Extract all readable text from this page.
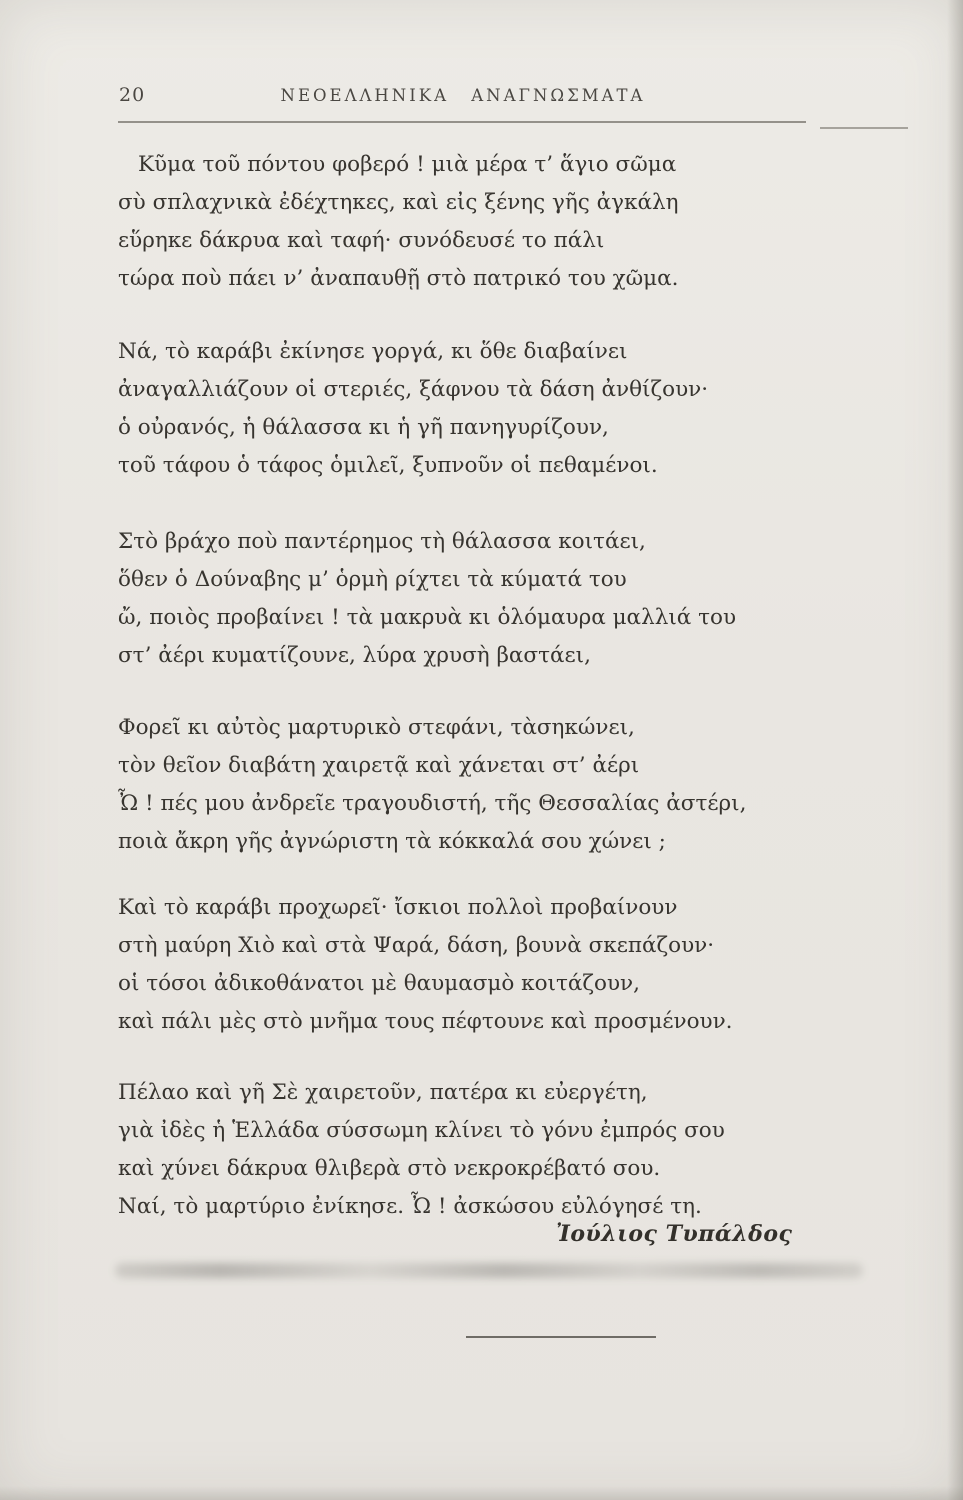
20	ΝΕΟΕΛΛΗΝΙΚΑ ΑΝΑΓΝΩΣΜΑΤΑ

Κῦμα τοῦ πόντου φοβερό ! μιὰ μέρα τ’ ἅγιο σῶμα

σὺ σπλαχνικὰ ἐδέχτηκες, καὶ εἰς ξένης γῆς ἀγκάλη

εὕρηκε δάκρυα καὶ ταφή· συνόδευσέ το πάλι

τώρα ποὺ πάει ν’ ἀναπαυθῇ στὸ πατρικό του χῶμα.

Νά, τὸ καράβι ἐκίνησε γοργά, κι ὅθε διαβαίνει

ἀναγαλλιάζουν οἱ στεριές, ξάφνου τὰ δάση ἀνθίζουν·

ὁ οὐρανός, ἡ θάλασσα κι ἡ γῆ πανηγυρίζουν,

τοῦ τάφου ὁ τάφος ὁμιλεῖ, ξυπνοῦν οἱ πεθαμένοι.

Στὸ βράχο ποὺ παντέρημος τὴ θάλασσα κοιτάει,

ὅθεν ὁ Δούναβης μ’ ὁρμὴ ρίχτει τὰ κύματά του

ὤ, ποιὸς προβαίνει ! τὰ μακρυὰ κι ὁλόμαυρα μαλλιά του

στ’ ἀέρι κυματίζουνε, λύρα χρυσὴ βαστάει,

Φορεῖ κι αὐτὸς μαρτυρικὸ στεφάνι, τὰσηκώνει,

τὸν θεῖον διαβάτη χαιρετᾷ καὶ χάνεται στ’ ἀέρι

Ὦ ! πές μου ἀνδρεῖε τραγουδιστή, τῆς Θεσσαλίας ἀστέρι,

ποιὰ ἄκρη γῆς ἀγνώριστη τὰ κόκκαλά σου χώνει ;

Καὶ τὸ καράβι προχωρεῖ· ἴσκιοι πολλοὶ προβαίνουν

στὴ μαύρη Χιὸ καὶ στὰ Ψαρά, δάση, βουνὰ σκεπάζουν·

οἱ τόσοι ἀδικοθάνατοι μὲ θαυμασμὸ κοιτάζουν,

καὶ πάλι μὲς στὸ μνῆμα τους πέφτουνε καὶ προσμένουν.

Πέλαο καὶ γῆ Σὲ χαιρετοῦν, πατέρα κι εὐεργέτη,

γιὰ ἰδὲς ἡ Ἑλλάδα σύσσωμη κλίνει τὸ γόνυ ἐμπρός σου

καὶ χύνει δάκρυα θλιβερὰ στὸ νεκροκρέβατό σου.

Ναί, τὸ μαρτύριο ἐνίκησε. Ὦ ! ἀσκώσου εὐλόγησέ τη.

Ἰούλιος Τυπάλδος
